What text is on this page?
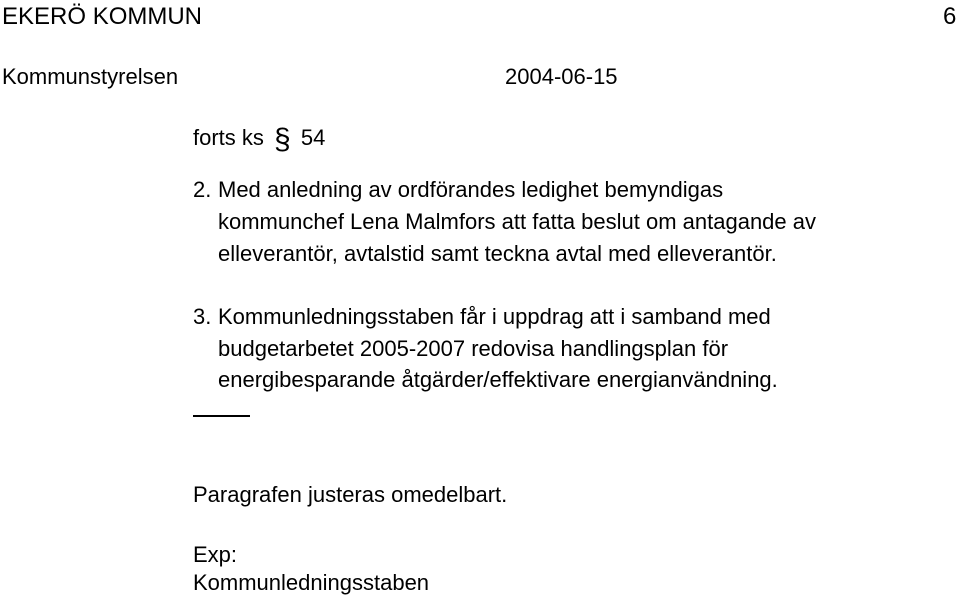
EKERÖ KOMMUN	6
Kommunstyrelsen	2004-06-15
forts ks § 54
2. Med anledning av ordförandes ledighet bemyndigas
kommunchef Lena Malmfors att fatta beslut om antagande av
elleverantör, avtalstid samt teckna avtal med elleverantör.
3. Kommunledningsstaben får i uppdrag att i samband med
budgetarbetet 2005-2007 redovisa handlingsplan för
energibesparande åtgärder/effektivare energianvändning.
Paragrafen justeras omedelbart.
Exp:
Kommunledningsstaben
